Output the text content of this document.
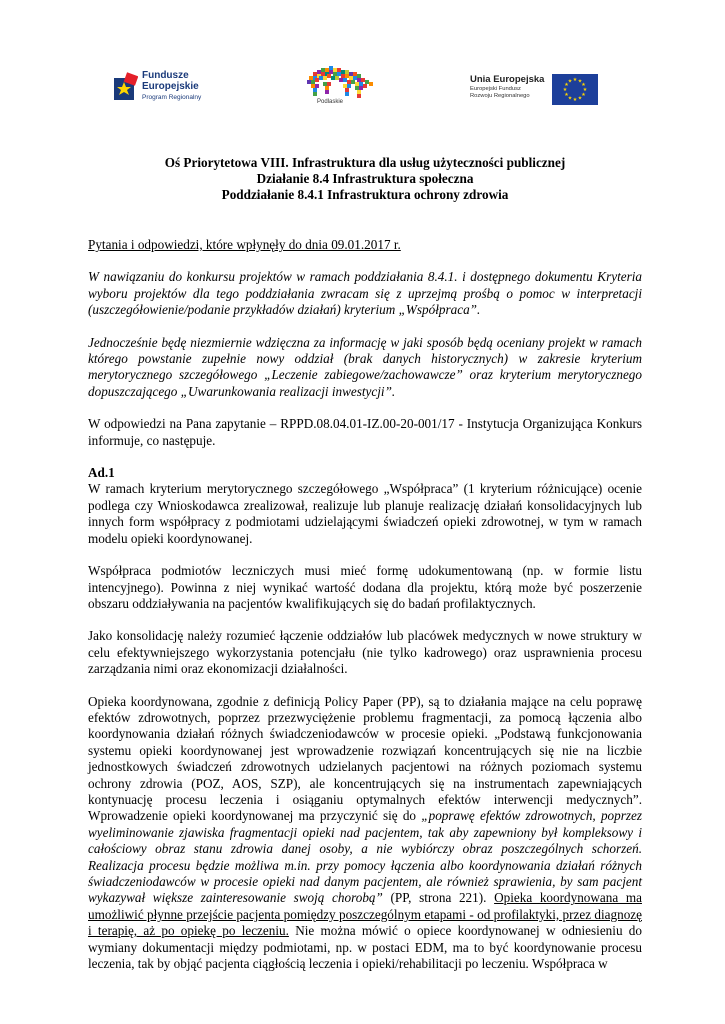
Fundusze
Europejskie
Program Regionalny
Podlaskie
Unia Europejska
Europejski Fundusz
Rozwoju Regionalnego
★ ★
★
★
★
★
★
★
★
★
★
★
Oś Priorytetowa VIII. Infrastruktura dla usług użyteczności publicznej
Działanie 8.4 Infrastruktura społeczna
Poddziałanie 8.4.1 Infrastruktura ochrony zdrowia

Pytania i odpowiedzi, które wpłynęły do dnia 09.01.2017 r.

W nawiązaniu do konkursu projektów w ramach poddziałania 8.4.1. i dostępnego dokumentu Kryteria wyboru projektów dla tego poddziałania zwracam się z uprzejmą prośbą o pomoc w interpretacji (uszczegółowienie/podanie przykładów działań) kryterium „Współpraca”.

Jednocześnie będę niezmiernie wdzięczna za informację w jaki sposób będą oceniany projekt w ramach którego powstanie zupełnie nowy oddział (brak danych historycznych) w zakresie kryterium merytorycznego szczegółowego „Leczenie zabiegowe/zachowawcze” oraz kryterium merytorycznego dopuszczającego „Uwarunkowania realizacji inwestycji”.

W odpowiedzi na Pana zapytanie – RPPD.08.04.01-IZ.00-20-001/17 - Instytucja Organizująca Konkurs informuje, co następuje.

Ad.1

W ramach kryterium merytorycznego szczegółowego „Współpraca” (1 kryterium różnicujące) ocenie podlega czy Wnioskodawca zrealizował, realizuje lub planuje realizację działań konsolidacyjnych lub innych form współpracy z podmiotami udzielającymi świadczeń opieki zdrowotnej, w tym w ramach modelu opieki koordynowanej.

Współpraca podmiotów leczniczych musi mieć formę udokumentowaną (np. w formie listu intencyjnego). Powinna z niej wynikać wartość dodana dla projektu, którą może być poszerzenie obszaru oddziaływania na pacjentów kwalifikujących się do badań profilaktycznych.

Jako konsolidację należy rozumieć łączenie oddziałów lub placówek medycznych w nowe struktury w celu efektywniejszego wykorzystania potencjału (nie tylko kadrowego) oraz usprawnienia procesu zarządzania nimi oraz ekonomizacji działalności.

Opieka koordynowana, zgodnie z definicją Policy Paper (PP), są to działania mające na celu poprawę efektów zdrowotnych, poprzez przezwyciężenie problemu fragmentacji, za pomocą łączenia albo koordynowania działań różnych świadczeniodawców w procesie opieki. „Podstawą funkcjonowania systemu opieki koordynowanej jest wprowadzenie rozwiązań koncentrujących się nie na liczbie jednostkowych świadczeń zdrowotnych udzielanych pacjentowi na różnych poziomach systemu ochrony zdrowia (POZ, AOS, SZP), ale koncentrujących się na instrumentach zapewniających kontynuację procesu leczenia i osiąganiu optymalnych efektów interwencji medycznych”. Wprowadzenie opieki koordynowanej ma przyczynić się do „poprawę efektów zdrowotnych, poprzez wyeliminowanie zjawiska fragmentacji opieki nad pacjentem, tak aby zapewniony był kompleksowy i całościowy obraz stanu zdrowia danej osoby, a nie wybiórczy obraz poszczególnych schorzeń. Realizacja procesu będzie możliwa m.in. przy pomocy łączenia albo koordynowania działań różnych świadczeniodawców w procesie opieki nad danym pacjentem, ale również sprawienia, by sam pacjent wykazywał większe zainteresowanie swoją chorobą” (PP, strona 221). Opieka koordynowana ma umożliwić płynne przejście pacjenta pomiędzy poszczególnym etapami - od profilaktyki, przez diagnozę i terapię, aż po opiekę po leczeniu. Nie można mówić o opiece koordynowanej w odniesieniu do wymiany dokumentacji między podmiotami, np. w postaci EDM, ma to być koordynowanie procesu leczenia, tak by objąć pacjenta ciągłością leczenia i opieki/rehabilitacji po leczeniu. Współpraca w
